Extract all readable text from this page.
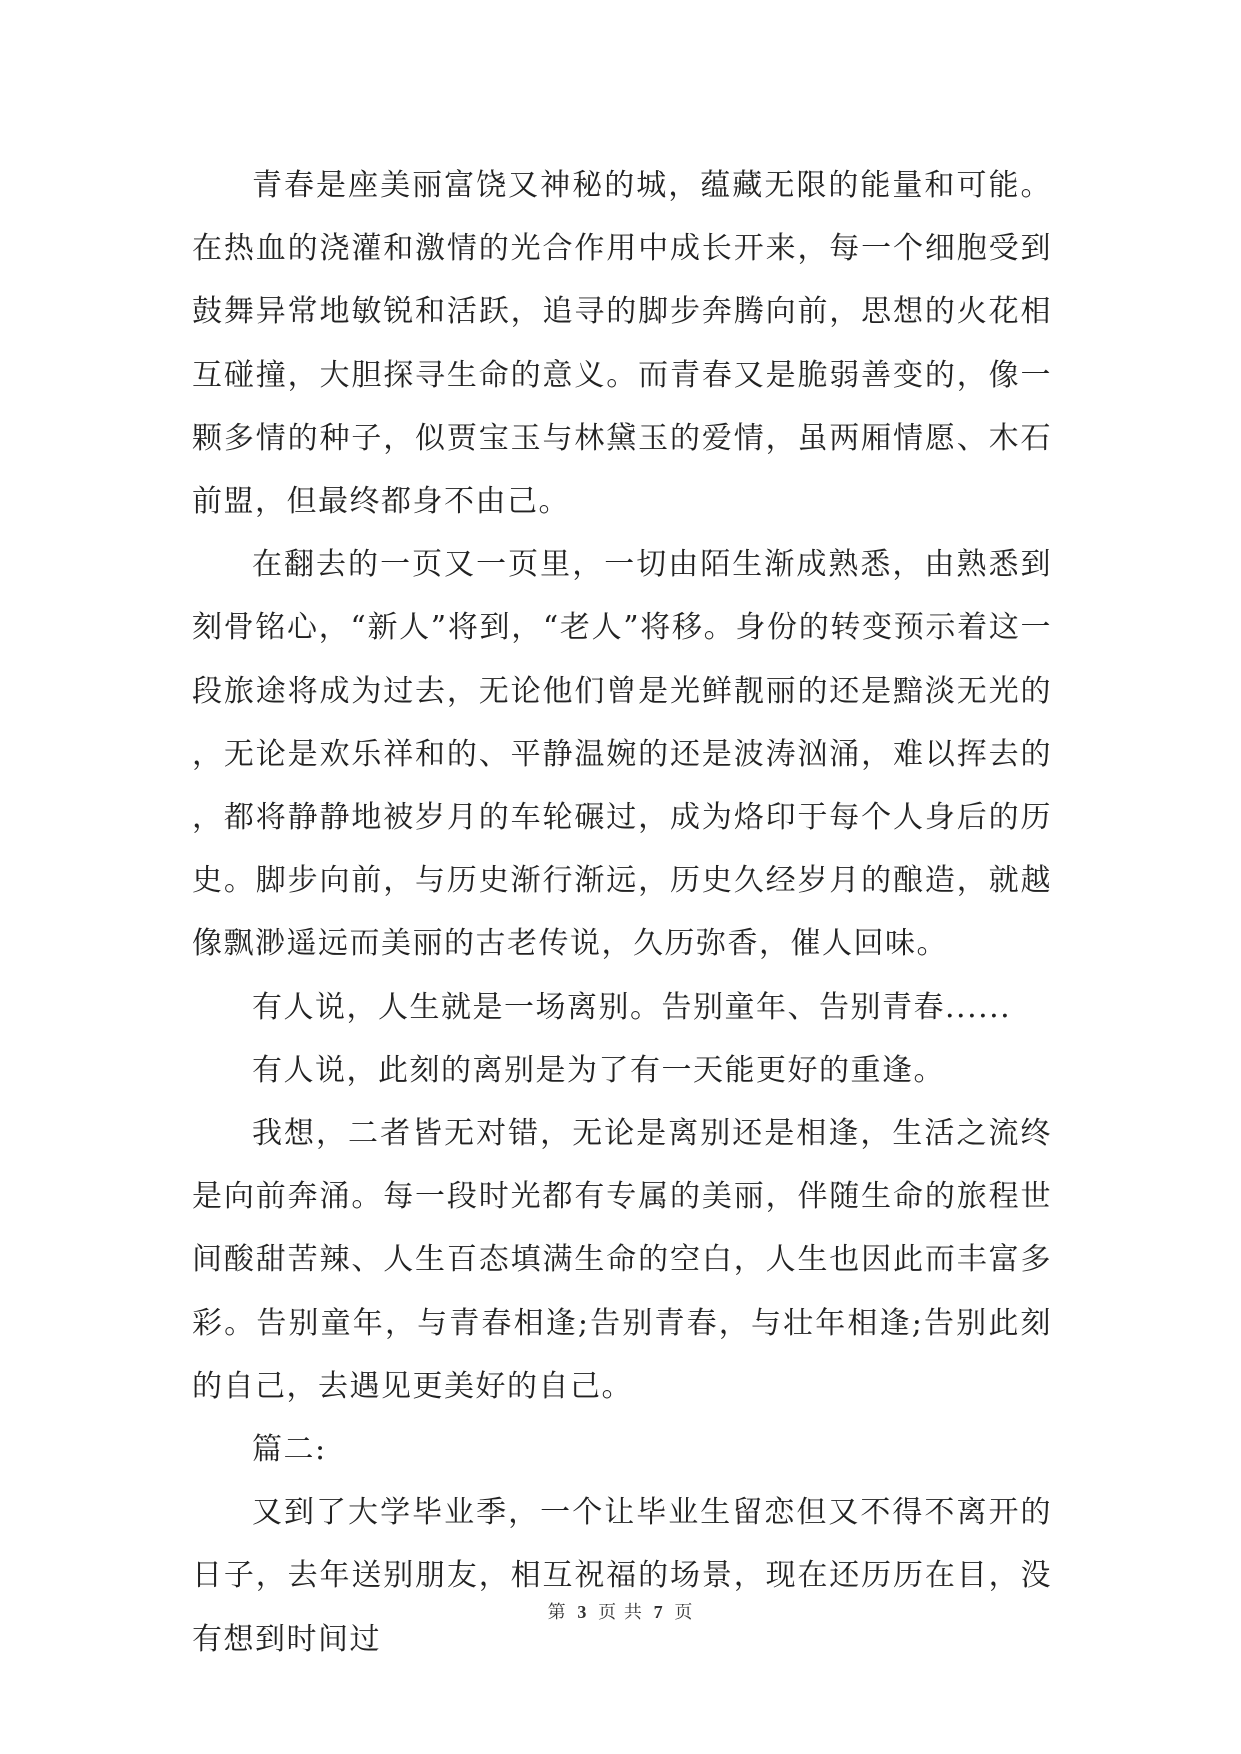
青春是座美丽富饶又神秘的城，蕴藏无限的能量和可能。在热血的浇灌和激情的光合作用中成长开来，每一个细胞受到鼓舞异常地敏锐和活跃，追寻的脚步奔腾向前，思想的火花相互碰撞，大胆探寻生命的意义。而青春又是脆弱善变的，像一颗多情的种子，似贾宝玉与林黛玉的爱情，虽两厢情愿、木石前盟，但最终都身不由己。

在翻去的一页又一页里，一切由陌生渐成熟悉，由熟悉到刻骨铭心，“新人”将到，“老人”将移。身份的转变预示着这一段旅途将成为过去，无论他们曾是光鲜靓丽的还是黯淡无光的，无论是欢乐祥和的、平静温婉的还是波涛汹涌，难以挥去的，都将静静地被岁月的车轮碾过，成为烙印于每个人身后的历史。脚步向前，与历史渐行渐远，历史久经岁月的酿造，就越像飘渺遥远而美丽的古老传说，久历弥香，催人回味。

有人说，人生就是一场离别。告别童年、告别青春......

有人说，此刻的离别是为了有一天能更好的重逢。

我想，二者皆无对错，无论是离别还是相逢，生活之流终是向前奔涌。每一段时光都有专属的美丽，伴随生命的旅程世间酸甜苦辣、人生百态填满生命的空白，人生也因此而丰富多彩。告别童年，与青春相逢;告别青春，与壮年相逢;告别此刻的自己，去遇见更美好的自己。

篇二:

又到了大学毕业季，一个让毕业生留恋但又不得不离开的日子，去年送别朋友，相互祝福的场景，现在还历历在目，没有想到时间过

第 3 页 共 7 页
